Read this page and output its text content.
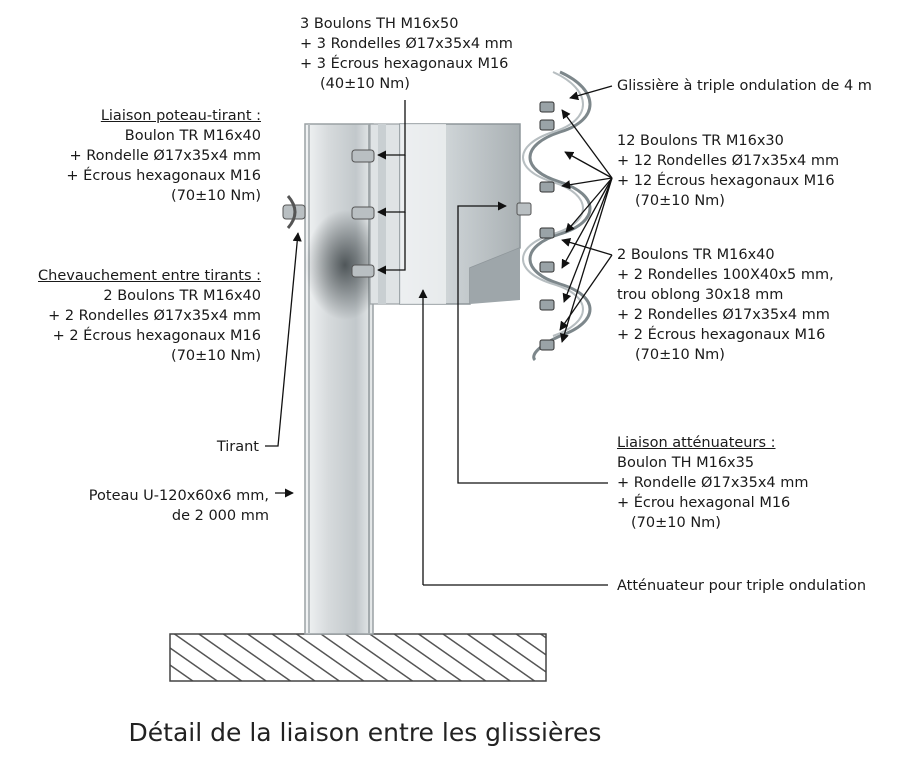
3 Boulons TH M16x50
+ 3 Rondelles Ø17x35x4 mm
+ 3 Écrous hexagonaux M16
(40±10 Nm)	Glissière à triple ondulation de 4 m
Liaison poteau-tirant :
Boulon TR M16x40
+ Rondelle Ø17x35x4 mm
+ Écrous hexagonaux M16
(70±10 Nm)
12 Boulons TR M16x30
+ 12 Rondelles Ø17x35x4 mm
+ 12 Écrous hexagonaux M16
(70±10 Nm)
Chevauchement entre tirants :
2 Boulons TR M16x40
+ 2 Rondelles Ø17x35x4 mm
+ 2 Écrous hexagonaux M16
(70±10 Nm)
2 Boulons TR M16x40
+ 2 Rondelles 100X40x5 mm,
trou oblong 30x18 mm
+ 2 Rondelles Ø17x35x4 mm
+ 2 Écrous hexagonaux M16
(70±10 Nm)
Tirant	Liaison atténuateurs :
Boulon TH M16x35
+ Rondelle Ø17x35x4 mm
+ Écrou hexagonal M16
(70±10 Nm)
Poteau U-120x60x6 mm,
de 2 000 mm
Atténuateur pour triple ondulation
Détail de la liaison entre les glissières
